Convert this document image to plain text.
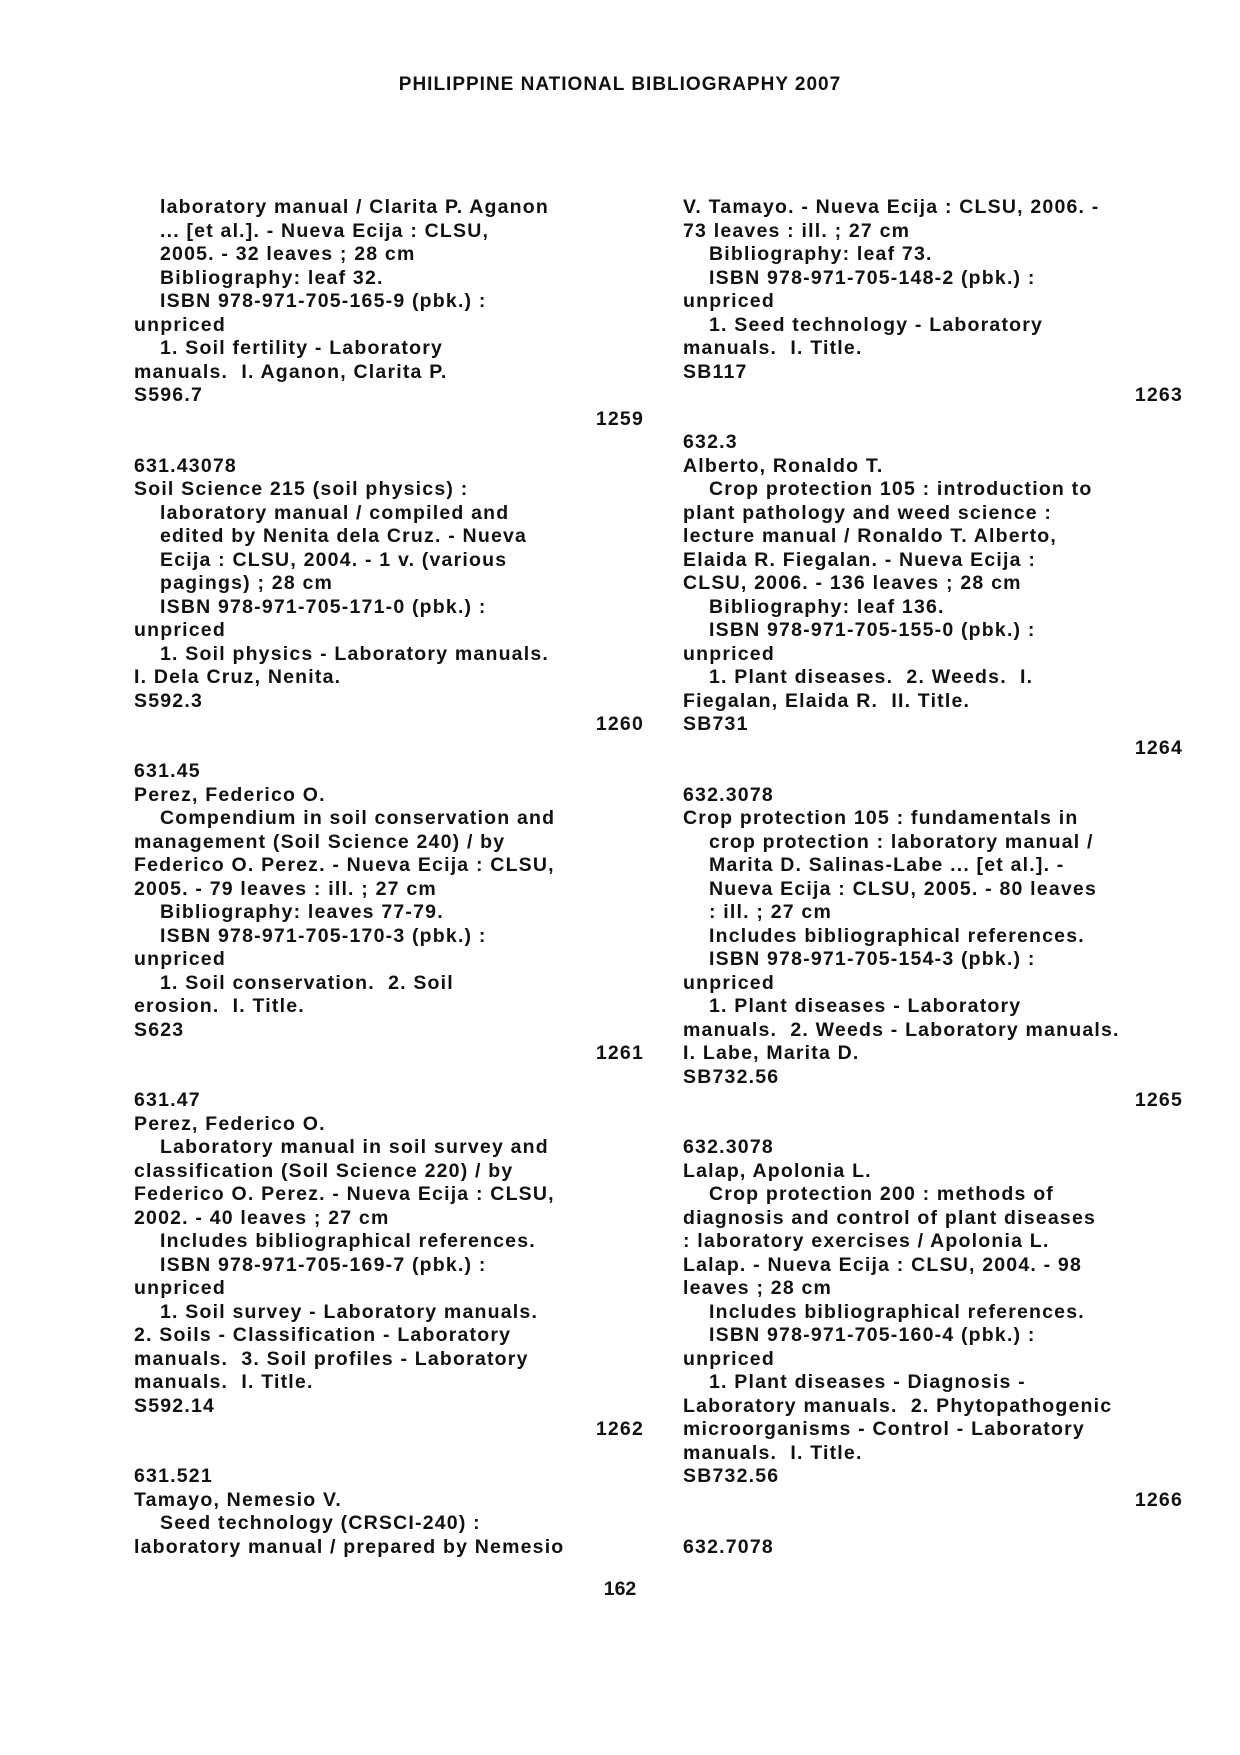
PHILIPPINE NATIONAL BIBLIOGRAPHY 2007
laboratory manual / Clarita P. Aganon
... [et al.]. - Nueva Ecija : CLSU,
2005. - 32 leaves ; 28 cm
Bibliography: leaf 32.
ISBN 978-971-705-165-9 (pbk.) :
unpriced
1. Soil fertility - Laboratory
manuals.  I. Aganon, Clarita P.
S596.7
1259
631.43078
Soil Science 215 (soil physics) :
laboratory manual / compiled and
edited by Nenita dela Cruz. - Nueva
Ecija : CLSU, 2004. - 1 v. (various
pagings) ; 28 cm
ISBN 978-971-705-171-0 (pbk.) :
unpriced
1. Soil physics - Laboratory manuals.
I. Dela Cruz, Nenita.
S592.3
1260
631.45
Perez, Federico O.
Compendium in soil conservation and
management (Soil Science 240) / by
Federico O. Perez. - Nueva Ecija : CLSU,
2005. - 79 leaves : ill. ; 27 cm
Bibliography: leaves 77-79.
ISBN 978-971-705-170-3 (pbk.) :
unpriced
1. Soil conservation.  2. Soil
erosion.  I. Title.
S623
1261
631.47
Perez, Federico O.
Laboratory manual in soil survey and
classification (Soil Science 220) / by
Federico O. Perez. - Nueva Ecija : CLSU,
2002. - 40 leaves ; 27 cm
Includes bibliographical references.
ISBN 978-971-705-169-7 (pbk.) :
unpriced
1. Soil survey - Laboratory manuals.
2. Soils - Classification - Laboratory
manuals.  3. Soil profiles - Laboratory
manuals.  I. Title.
S592.14
1262
631.521
Tamayo, Nemesio V.
Seed technology (CRSCI-240) :
laboratory manual / prepared by Nemesio
V. Tamayo. - Nueva Ecija : CLSU, 2006. -
73 leaves : ill. ; 27 cm
Bibliography: leaf 73.
ISBN 978-971-705-148-2 (pbk.) :
unpriced
1. Seed technology - Laboratory
manuals.  I. Title.
SB117
1263
632.3
Alberto, Ronaldo T.
Crop protection 105 : introduction to
plant pathology and weed science :
lecture manual / Ronaldo T. Alberto,
Elaida R. Fiegalan. - Nueva Ecija :
CLSU, 2006. - 136 leaves ; 28 cm
Bibliography: leaf 136.
ISBN 978-971-705-155-0 (pbk.) :
unpriced
1. Plant diseases.  2. Weeds.  I.
Fiegalan, Elaida R.  II. Title.
SB731
1264
632.3078
Crop protection 105 : fundamentals in
crop protection : laboratory manual /
Marita D. Salinas-Labe ... [et al.]. -
Nueva Ecija : CLSU, 2005. - 80 leaves
: ill. ; 27 cm
Includes bibliographical references.
ISBN 978-971-705-154-3 (pbk.) :
unpriced
1. Plant diseases - Laboratory
manuals.  2. Weeds - Laboratory manuals.
I. Labe, Marita D.
SB732.56
1265
632.3078
Lalap, Apolonia L.
Crop protection 200 : methods of
diagnosis and control of plant diseases
: laboratory exercises / Apolonia L.
Lalap. - Nueva Ecija : CLSU, 2004. - 98
leaves ; 28 cm
Includes bibliographical references.
ISBN 978-971-705-160-4 (pbk.) :
unpriced
1. Plant diseases - Diagnosis -
Laboratory manuals.  2. Phytopathogenic
microorganisms - Control - Laboratory
manuals.  I. Title.
SB732.56
1266
632.7078
162
